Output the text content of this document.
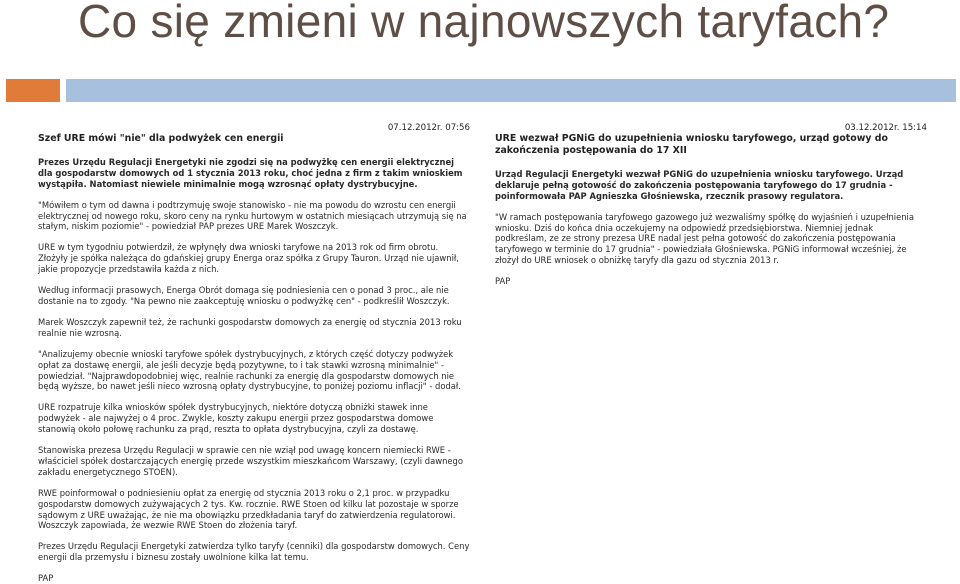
Co się zmieni w najnowszych taryfach?
07.12.2012r. 07:56
Szef URE mówi "nie" dla podwyżek cen energii
Prezes Urzędu Regulacji Energetyki nie zgodzi się na podwyżkę cen energii elektrycznej dla gospodarstw domowych od 1 stycznia 2013 roku, choć jedna z firm z takim wnioskiem wystąpiła. Natomiast niewiele minimalnie mogą wzrosnąć opłaty dystrybucyjne.
"Mówiłem o tym od dawna i podtrzymuję swoje stanowisko - nie ma powodu do wzrostu cen energii elektrycznej od nowego roku, skoro ceny na rynku hurtowym w ostatnich miesiącach utrzymują się na stałym, niskim poziomie" - powiedział PAP prezes URE Marek Woszczyk.
URE w tym tygodniu potwierdził, że wpłynęły dwa wnioski taryfowe na 2013 rok od firm obrotu. Złożyły je spółka należąca do gdańskiej grupy Energa oraz spółka z Grupy Tauron. Urząd nie ujawnił, jakie propozycje przedstawiła każda z nich.
Według informacji prasowych, Energa Obrót domaga się podniesienia cen o ponad 3 proc., ale nie dostanie na to zgody. "Na pewno nie zaakceptuję wniosku o podwyżkę cen" - podkreślił Woszczyk.
Marek Woszczyk zapewnił też, że rachunki gospodarstw domowych za energię od stycznia 2013 roku realnie nie wzrosną.
"Analizujemy obecnie wnioski taryfowe spółek dystrybucyjnych, z których część dotyczy podwyżek opłat za dostawę energii, ale jeśli decyzje będą pozytywne, to i tak stawki wzrosną minimalnie" - powiedział. "Najprawdopodobniej więc, realnie rachunki za energię dla gospodarstw domowych nie będą wyższe, bo nawet jeśli nieco wzrosną opłaty dystrybucyjne, to poniżej poziomu inflacji" - dodał.
URE rozpatruje kilka wniosków spółek dystrybucyjnych, niektóre dotyczą obniżki stawek inne podwyżek - ale najwyżej o 4 proc. Zwykle, koszty zakupu energii przez gospodarstwa domowe stanowią około połowę rachunku za prąd, reszta to opłata dystrybucyjna, czyli za dostawę.
Stanowiska prezesa Urzędu Regulacji w sprawie cen nie wziął pod uwagę koncern niemiecki RWE - właściciel spółek dostarczających energię przede wszystkim mieszkańcom Warszawy, (czyli dawnego zakładu energetycznego STOEN).
RWE poinformował o podniesieniu opłat za energię od stycznia 2013 roku o 2,1 proc. w przypadku gospodarstw domowych zużywających 2 tys. Kw. rocznie. RWE Stoen od kilku lat pozostaje w sporze sądowym z URE uważając, że nie ma obowiązku przedkładania taryf do zatwierdzenia regulatorowi. Woszczyk zapowiada, że wezwie RWE Stoen do złożenia taryf.
Prezes Urzędu Regulacji Energetyki zatwierdza tylko taryfy (cenniki) dla gospodarstw domowych. Ceny energii dla przemysłu i biznesu zostały uwolnione kilka lat temu.
PAP
03.12.2012r. 15:14
URE wezwał PGNiG do uzupełnienia wniosku taryfowego, urząd gotowy do zakończenia postępowania do 17 XII
Urząd Regulacji Energetyki wezwał PGNiG do uzupełnienia wniosku taryfowego. Urząd deklaruje pełną gotowość do zakończenia postępowania taryfowego do 17 grudnia - poinformowała PAP Agnieszka Głośniewska, rzecznik prasowy regulatora.
"W ramach postępowania taryfowego gazowego już wezwaliśmy spółkę do wyjaśnień i uzupełnienia wniosku. Dziś do końca dnia oczekujemy na odpowiedź przedsiębiorstwa. Niemniej jednak podkreślam, ze ze strony prezesa URE nadal jest pełna gotowość do zakończenia postępowania taryfowego w terminie do 17 grudnia" - powiedziała Głośniewska. PGNiG informował wcześniej, że złożył do URE wniosek o obniżkę taryfy dla gazu od stycznia 2013 r.
PAP
